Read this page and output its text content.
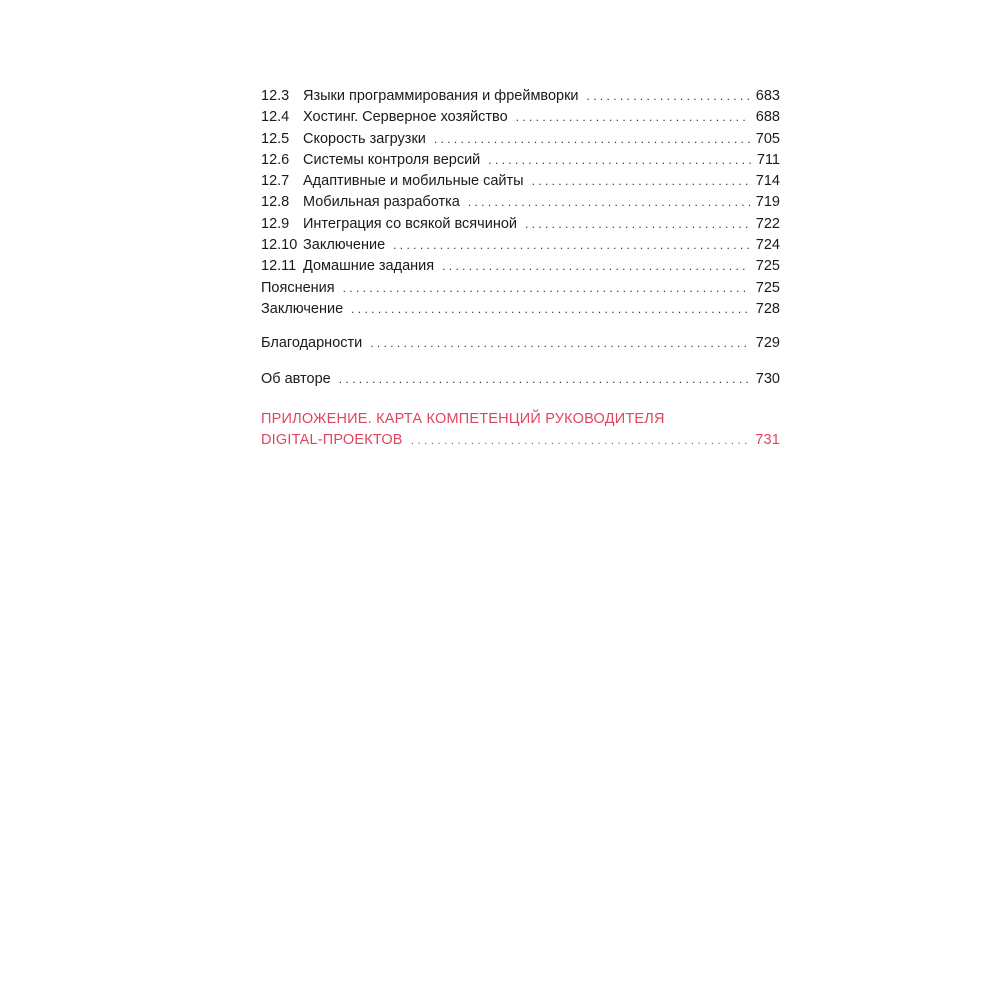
12.3 Языки программирования и фреймворки . . .	683
12.4 Хостинг. Серверное хозяйство . . .	688
12.5 Скорость загрузки . . .	705
12.6 Системы контроля версий . . .	711
12.7 Адаптивные и мобильные сайты . . .	714
12.8 Мобильная разработка . . .	719
12.9 Интеграция со всякой всячиной . . .	722
12.10 Заключение . . .	724
12.11 Домашние задания . . .	725
Пояснения . . .	725
Заключение . . .	728
Благодарности . . .	729
Об авторе . . .	730
ПРИЛОЖЕНИЕ. КАРТА КОМПЕТЕНЦИЙ РУКОВОДИТЕЛЯ
DIGITAL-ПРОЕКТОВ . . .	731
